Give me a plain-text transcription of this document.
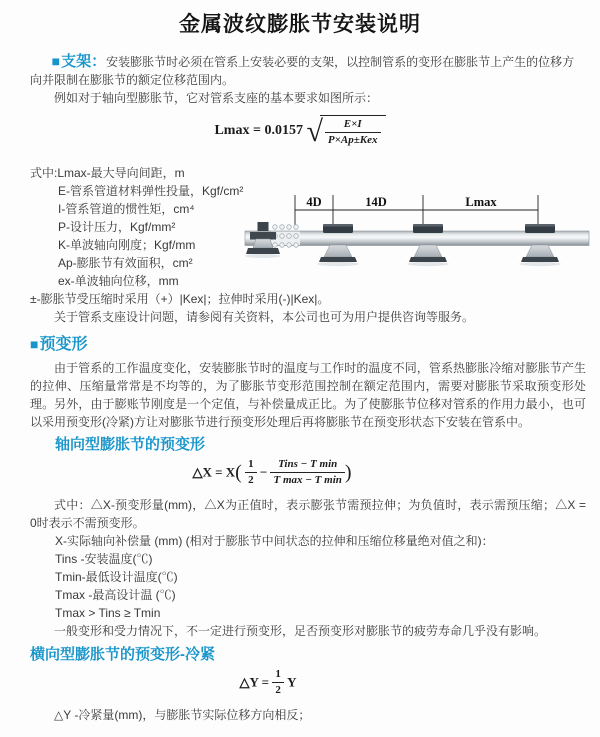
金属波纹膨胀节安装说明

■支架：安装膨胀节时必须在管系上安装必要的支架，以控制管系的变形在膨胀节上产生的位移方向并限制在膨胀节的额定位移范围内。

例如对于轴向型膨胀节，它对管系支座的基本要求如图所示：

Lmax = 0.0157 √ $\frac{E\times I}{\text{P×Ap±Kex}}$
式中:Lmax-最大导向间距，m
E-管系管道材料弹性投量，Kgf/cm²
I-管系管道的惯性矩，cm⁴
P-设计压力，Kgf/mm²
K-单波轴向刚度；Kgf/mm
Ap-膨胀节有效面积，cm²
ex-单波轴向位移，mm
±-膨胀节受压缩时采用（+）|Kex|；拉伸时采用(-)|Kex|。

关于管系支座设计问题，请参阅有关资料，本公司也可为用户提供咨询等服务。

■预变形

由于管系的工作温度变化，安装膨胀节时的温度与工作时的温度不同，管系热膨胀冷缩对膨胀节产生的拉伸、压缩量常常是不均等的，为了膨胀节变形范围控制在额定范围内，需要对膨胀节采取预变形处理。另外，由于膨账节刚度是一个定值，与补偿量成正比。为了使膨胀节位移对管系的作用力最小，也可以采用预变形(冷紧)方让对膨胀节进行预变形处理后再将膨胀节在预变形状态下安装在管系中。

轴向型膨胀节的预变形
△X = $X( \frac{1}{2} - \frac{\text{Tins − T min}}{\text{T max − T min}}$ )

式中：△X-预变形量(mm)，△X为正值时，表示膨张节需预拉伸；为负值时，表示需预压缩；△X = 0时表示不需预变形。

X-实际轴向补偿量 (mm) (相对于膨胀节中间状态的拉伸和压缩位移量绝对值之和)：
Tins -安装温度(℃)
Tmin-最低设计温度(℃)
Tmax -最高设计温 (℃)
Tmax > Tins ≥ Tmin

一般变形和受力情况下，不一定进行预变形，足否预变形对膨胀节的疲劳寿命几乎没有影响。

横向型膨胀节的预变形-冷紧
△Y = $\frac{1}{2}$ Y

△Y -冷紧量(mm)，与膨胀节实际位移方向相反；

4D	14D	Lmax
